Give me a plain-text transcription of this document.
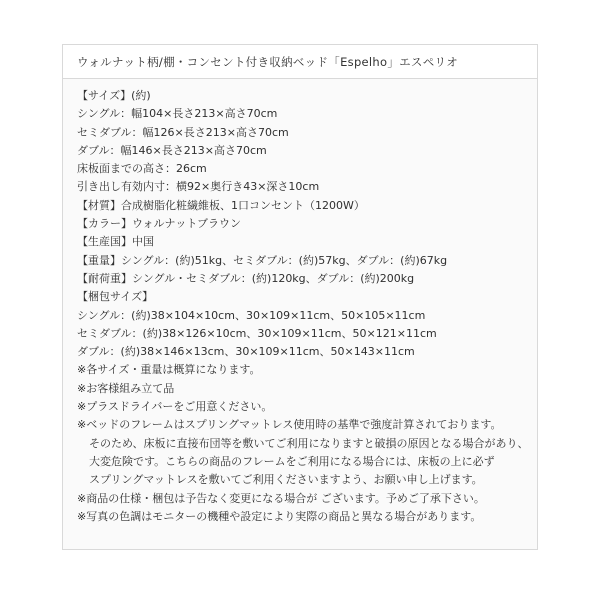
ウォルナット柄/棚・コンセント付き収納ベッド「Espelho」エスペリオ
【サイズ】(約)
シングル：幅104×長さ213×高さ70cm
セミダブル：幅126×長さ213×高さ70cm
ダブル：幅146×長さ213×高さ70cm
床板面までの高さ：26cm
引き出し有効内寸：横92×奥行き43×深さ10cm
【材質】合成樹脂化粧繊維板、1口コンセント（1200W）
【カラー】ウォルナットブラウン
【生産国】中国
【重量】シングル：(約)51kg、セミダブル：(約)57kg、ダブル：(約)67kg
【耐荷重】シングル・セミダブル：(約)120kg、ダブル：(約)200kg
【梱包サイズ】
シングル：(約)38×104×10cm、30×109×11cm、50×105×11cm
セミダブル：(約)38×126×10cm、30×109×11cm、50×121×11cm
ダブル：(約)38×146×13cm、30×109×11cm、50×143×11cm
※各サイズ・重量は概算になります。
※お客様組み立て品
※プラスドライバーをご用意ください。
※ベッドのフレームはスプリングマットレス使用時の基準で強度計算されております。
そのため、床板に直接布団等を敷いてご利用になりますと破損の原因となる場合があり、
大変危険です。こちらの商品のフレームをご利用になる場合には、床板の上に必ず
スプリングマットレスを敷いてご利用くださいますよう、お願い申し上げます。
※商品の仕様・梱包は予告なく変更になる場合が ございます。予めご了承下さい。
※写真の色調はモニターの機種や設定により実際の商品と異なる場合があります。
